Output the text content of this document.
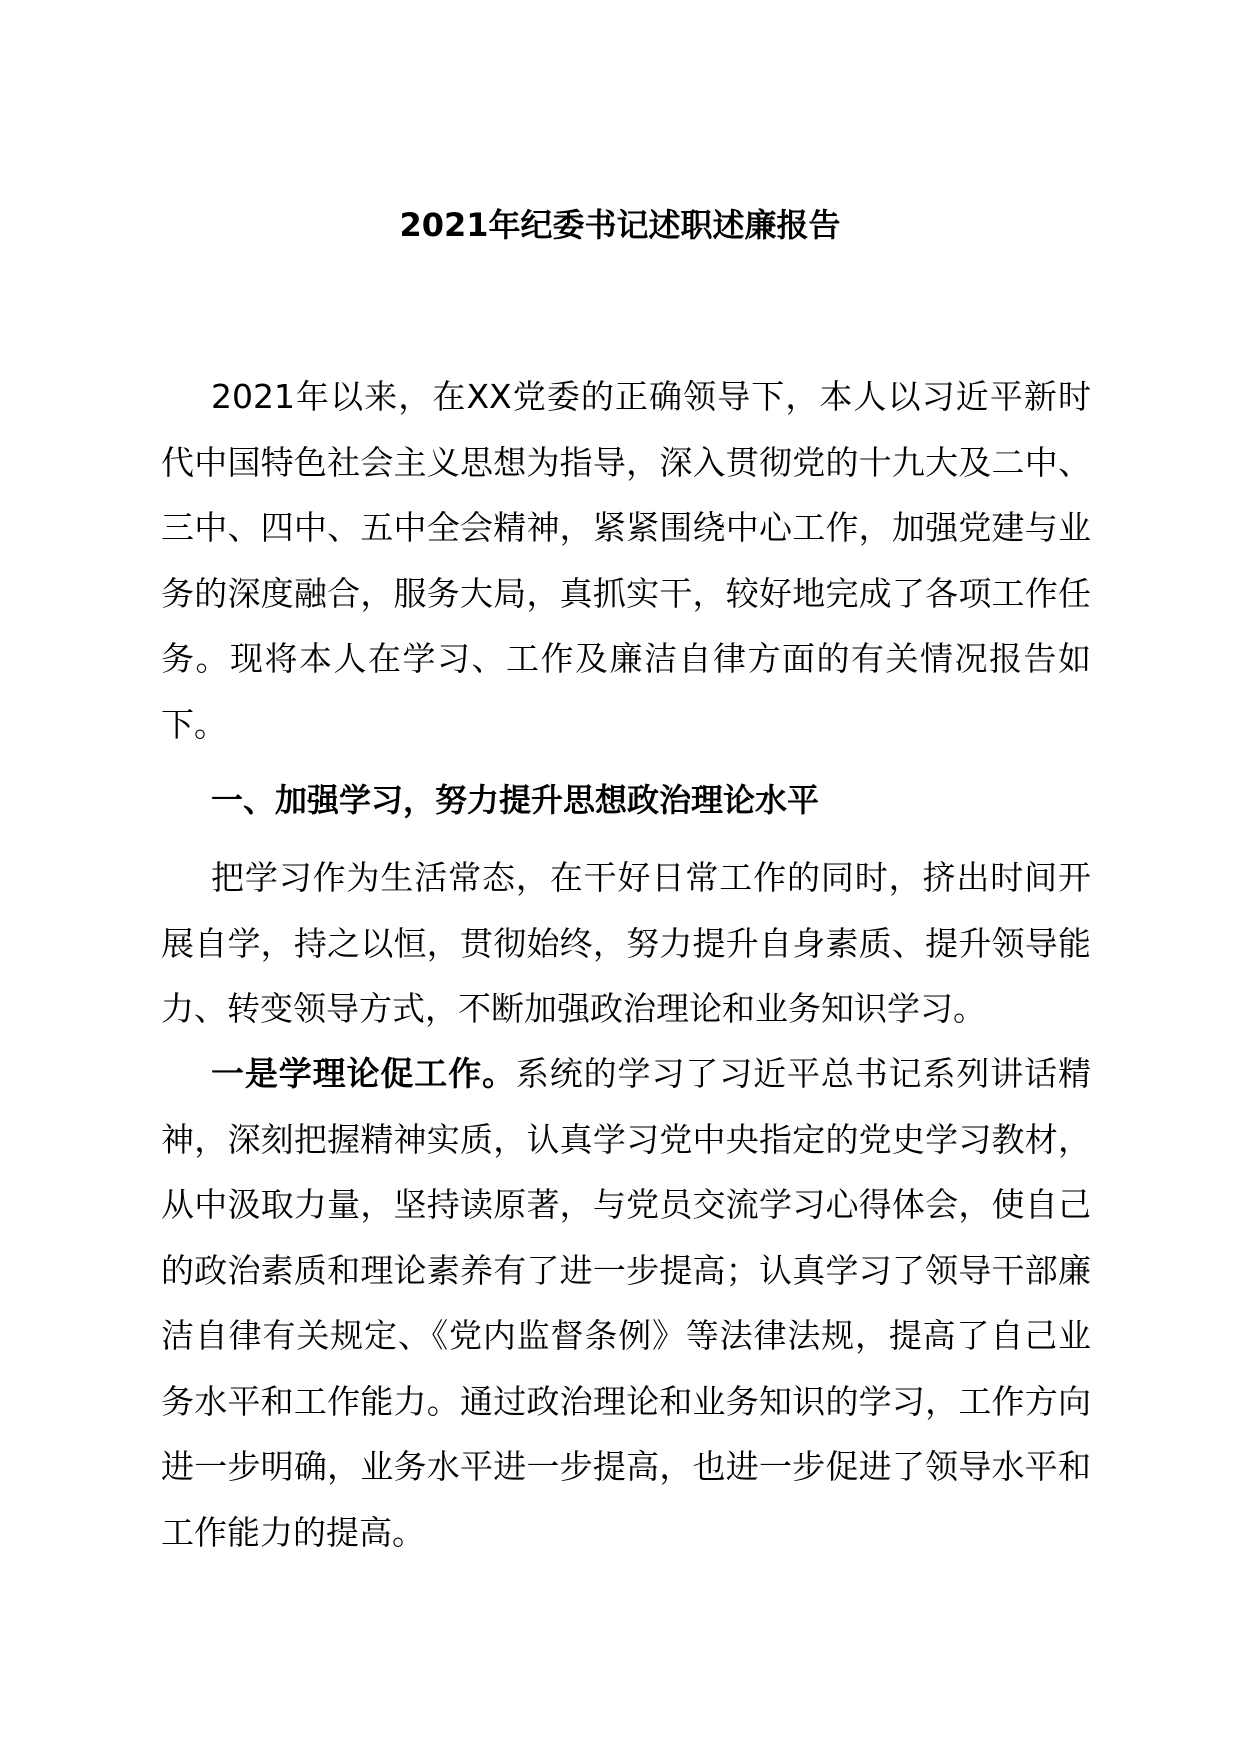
2021年纪委书记述职述廉报告
2021年以来，在XX党委的正确领导下，本人以习近平新时代中国特色社会主义思想为指导，深入贯彻党的十九大及二中、三中、四中、五中全会精神，紧紧围绕中心工作，加强党建与业务的深度融合，服务大局，真抓实干，较好地完成了各项工作任务。现将本人在学习、工作及廉洁自律方面的有关情况报告如下。
一、加强学习，努力提升思想政治理论水平
把学习作为生活常态，在干好日常工作的同时，挤出时间开展自学，持之以恒，贯彻始终，努力提升自身素质、提升领导能力、转变领导方式，不断加强政治理论和业务知识学习。
一是学理论促工作。系统的学习了习近平总书记系列讲话精神，深刻把握精神实质，认真学习党中央指定的党史学习教材，从中汲取力量，坚持读原著，与党员交流学习心得体会，使自己的政治素质和理论素养有了进一步提高；认真学习了领导干部廉洁自律有关规定、《党内监督条例》等法律法规，提高了自己业务水平和工作能力。通过政治理论和业务知识的学习，工作方向进一步明确，业务水平进一步提高，也进一步促进了领导水平和工作能力的提高。
